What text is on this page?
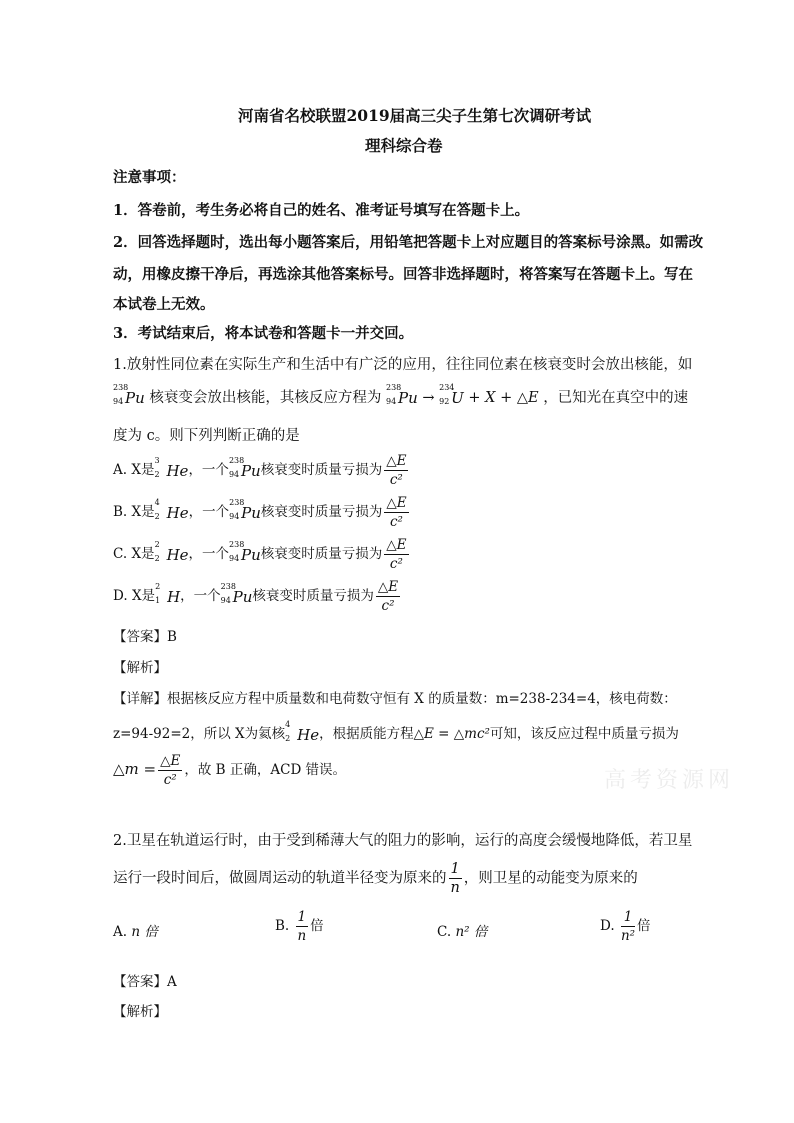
河南省名校联盟2019届高三尖子生第七次调研考试
理科综合卷
注意事项：
1．答卷前，考生务必将自己的姓名、准考证号填写在答题卡上。
2．回答选择题时，选出每小题答案后，用铅笔把答题卡上对应题目的答案标号涂黑。如需改
动，用橡皮擦干净后，再选涂其他答案标号。回答非选择题时，将答案写在答题卡上。写在
本试卷上无效。
3．考试结束后，将本试卷和答题卡一并交回。
1.放射性同位素在实际生产和生活中有广泛的应用，往往同位素在核衰变时会放出核能，如
238
94 Pu 核衰变会放出核能，其核反应方程为
238
94 Pu →
234
92 U + X + △E ，已知光在真空中的速
度为 c。则下列判断正确的是
A. X是
3
2 He，一个
238
94 Pu核衰变时质量亏损为 $\frac{\triangle E}{\text{c²}}$
B. X是
4
2 He，一个
238
94 Pu核衰变时质量亏损为 $\frac{\triangle E}{\text{c²}}$
C. X是
2
2 He，一个
238
94 Pu核衰变时质量亏损为 $\frac{\triangle E}{\text{c²}}$
D. X是
2
1 H，一个
238
94 Pu核衰变时质量亏损为 $\frac{\triangle E}{\text{c²}}$
【答案】B
【解析】
【详解】根据核反应方程中质量数和电荷数守恒有 X 的质量数：m=238-234=4，核电荷数：
z=94-92=2，所以 X为氦核
4
2 He，根据质能方程△E = △mc²可知，该反应过程中质量亏损为
△m = $\frac{\triangle E}{\text{c²}}$ ，故 B 正确，ACD 错误。	高考资源网
2.卫星在轨道运行时，由于受到稀薄大气的阻力的影响，运行的高度会缓慢地降低，若卫星
运行一段时间后，做圆周运动的轨道半径变为原来的 $\frac{1}{n}$ ，则卫星的动能变为原来的
A. n 倍	B. $\frac{1}{n}$ 倍	C. n² 倍	D. $\frac{1}{\text{n²}}$ 倍
【答案】A
【解析】
